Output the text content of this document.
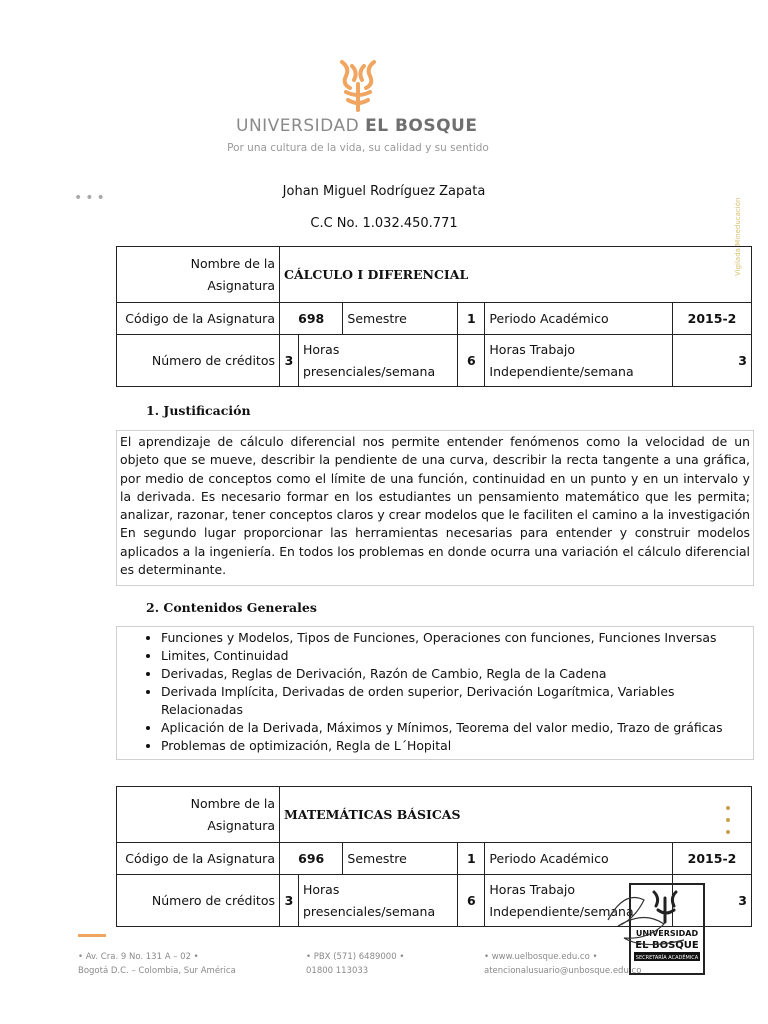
UNIVERSIDAD EL BOSQUE
Por una cultura de la vida, su calidad y su sentido
•••	Vigilada Mineducación
Johan Miguel Rodríguez Zapata
C.C No. 1.032.450.771
Nombre de la Asignatura	CÁLCULO I DIFERENCIAL					
Código de la Asignatura	698		Semestre	1	Periodo Académico	2015-2
Número de créditos	3	Horas presenciales/semana		6	Horas Trabajo Independiente/semana	3
1. Justificación
El aprendizaje de cálculo diferencial nos permite entender fenómenos como la velocidad de un objeto que se mueve, describir la pendiente de una curva, describir la recta tangente a una gráfica, por medio de conceptos como el límite de una función, continuidad en un punto y en un intervalo y la derivada. Es necesario formar en los estudiantes un pensamiento matemático que les permita; analizar, razonar, tener conceptos claros y crear modelos que le faciliten el camino a la investigación En segundo lugar proporcionar las herramientas necesarias para entender y construir modelos aplicados a la ingeniería. En todos los problemas en donde ocurra una variación el cálculo diferencial es determinante.
2. Contenidos Generales
• Funciones y Modelos, Tipos de Funciones, Operaciones con funciones, Funciones Inversas
• Limites, Continuidad
• Derivadas, Reglas de Derivación, Razón de Cambio, Regla de la Cadena
• Derivada Implícita, Derivadas de orden superior, Derivación Logarítmica, Variables Relacionadas
• Aplicación de la Derivada, Máximos y Mínimos, Teorema del valor medio, Trazo de gráficas
• Problemas de optimización, Regla de L´Hopital
Nombre de la Asignatura	MATEMÁTICAS BÁSICAS					
Código de la Asignatura	696		Semestre	1	Periodo Académico	2015-2
Número de créditos	3	Horas presenciales/semana		6	Horas Trabajo Independiente/semana	3
• Av. Cra. 9 No. 131 A – 02 •
Bogotá D.C. – Colombia, Sur América
• PBX (571) 6489000 •
01800 113033
• www.uelbosque.edu.co •
atencionalusuario@unbosque.edu.co
UNIVERSIDAD
EL BOSQUE
SECRETARÍA ACADÉMICA
